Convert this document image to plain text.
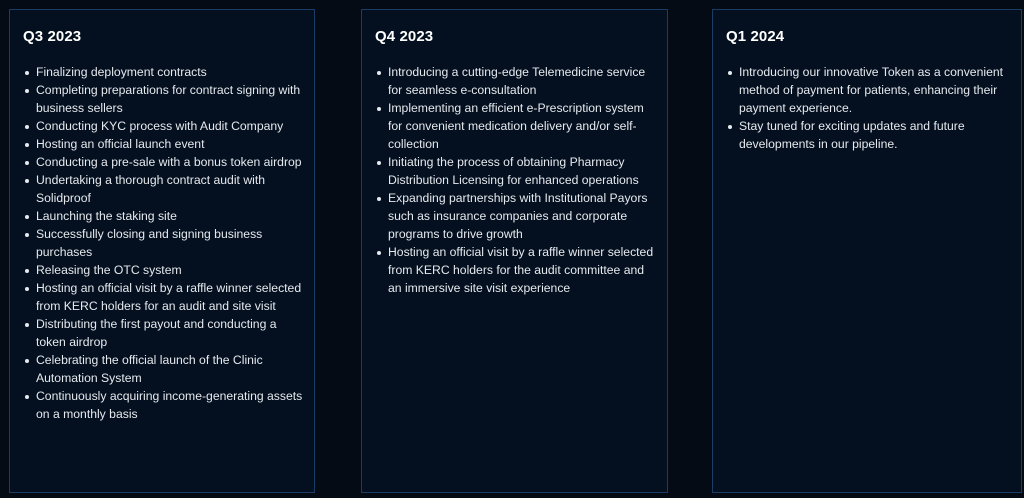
Q3 2023
Finalizing deployment contracts
Completing preparations for contract signing with business sellers
Conducting KYC process with Audit Company
Hosting an official launch event
Conducting a pre-sale with a bonus token airdrop
Undertaking a thorough contract audit with Solidproof
Launching the staking site
Successfully closing and signing business purchases
Releasing the OTC system
Hosting an official visit by a raffle winner selected from KERC holders for an audit and site visit
Distributing the first payout and conducting a token airdrop
Celebrating the official launch of the Clinic Automation System
Continuously acquiring income-generating assets on a monthly basis
Q4 2023
Introducing a cutting-edge Telemedicine service for seamless e-consultation
Implementing an efficient e-Prescription system for convenient medication delivery and/or self-collection
Initiating the process of obtaining Pharmacy Distribution Licensing for enhanced operations
Expanding partnerships with Institutional Payors such as insurance companies and corporate programs to drive growth
Hosting an official visit by a raffle winner selected from KERC holders for the audit committee and an immersive site visit experience
Q1 2024
Introducing our innovative Token as a convenient method of payment for patients, enhancing their payment experience.
Stay tuned for exciting updates and future developments in our pipeline.
